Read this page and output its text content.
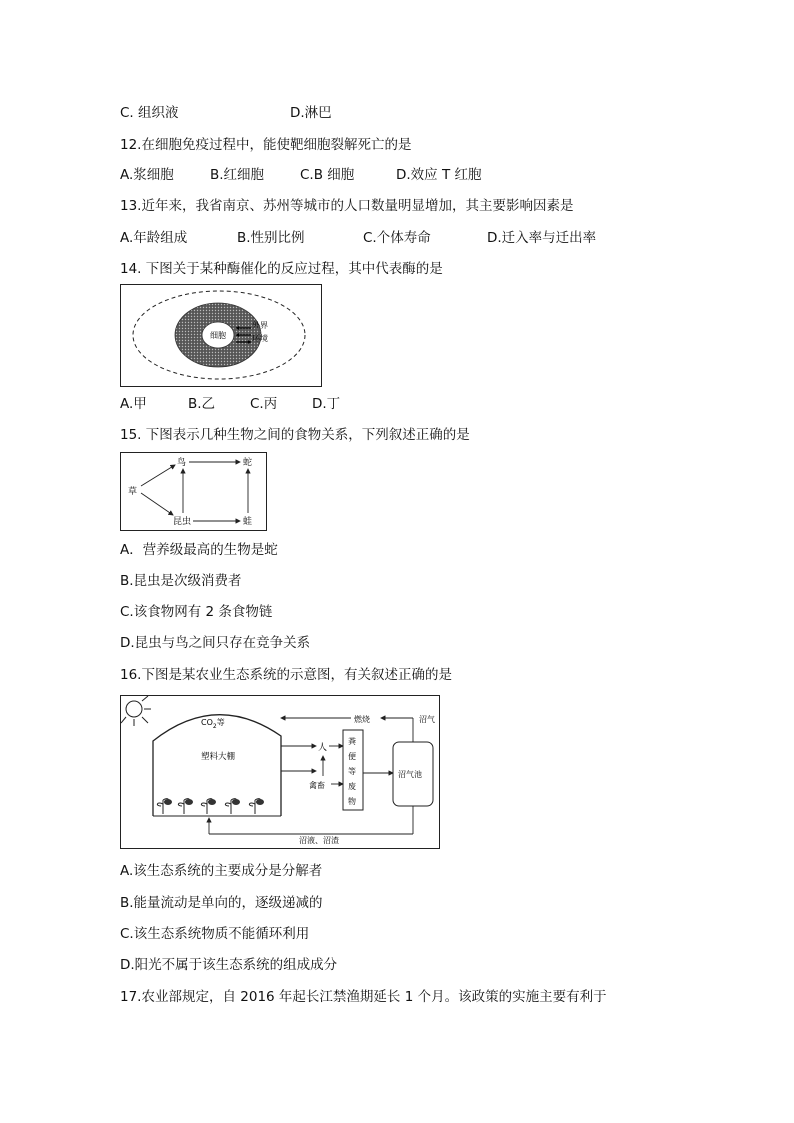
C. 组织液	D.淋巴
12.在细胞免疫过程中，能使靶细胞裂解死亡的是
A.浆细胞	B.红细胞	C.B 细胞	D.效应 T 红胞
13.近年来，我省南京、苏州等城市的人口数量明显增加，其主要影响因素是
A.年龄组成	B.性别比例	C.个体寿命	D.迁入率与迁出率
14. 下图关于某种酶催化的反应过程，其中代表酶的是
细胞
外界
环境
A.甲	B.乙	C.丙	D.丁
15. 下图表示几种生物之间的食物关系，下列叙述正确的是
草
鸟	蛇
昆虫	蛙
A．营养级最高的生物是蛇
B.昆虫是次级消费者
C.该食物网有 2 条食物链
D.昆虫与鸟之间只存在竞争关系
16.下图是某农业生态系统的示意图，有关叙述正确的是
$CO_2$等
塑料大棚
人
禽畜
粪
便
等
废
物
沼气池
沼气
燃烧
沼液、沼渣
A.该生态系统的主要成分是分解者
B.能量流动是单向的，逐级递减的
C.该生态系统物质不能循环利用
D.阳光不属于该生态系统的组成成分
17.农业部规定，自 2016 年起长江禁渔期延长 1 个月。该政策的实施主要有利于
